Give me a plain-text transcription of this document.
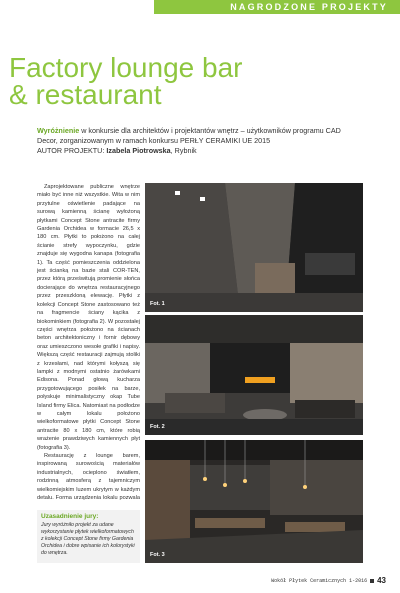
NAGRODZONE PROJEKTY
Factory lounge bar
& restaurant
Wyróżnienie w konkursie dla architektów i projektantów wnętrz – użytkowników programu CAD Decor, zorganizowanym w ramach konkursu PERŁY CERAMIKI UE 2015
AUTOR PROJEKTU: Izabela Piotrowska, Rybnik

Zaprojektowane publiczne wnętrze miało być inne niż wszystkie. Wita w nim przytulne oświetlenie padające na surową kamienną ścianę wyłożoną płytkami Concept Stone antracite firmy Gardenia Orchidea w formacie 26,5 x 180 cm. Płytki to położono na całej ścianie strefy wypoczynku, gdzie znajduje się wygodna kanapa (fotografia 1). Ta część pomieszczenia oddzielona jest ścianką na bazie stali COR-TEN, przez którą prześwitują promienie słońca docierające do wnętrza restauracyjnego przez przeszkloną elewację. Płytki z kolekcji Concept Stone zastosowano też na fragmencie ściany kącika z biokominkiem (fotografia 2). W pozostałej części wnętrza położono na ścianach beton architektoniczny i fornir dębowy oraz umieszczono wesołe grafiki i napisy. Większą część restauracji zajmują stoliki z krzesłami, nad którymi kołyszą się lampki z modnymi ostatnio żarówkami Edisona. Ponad głową kucharza przygotowującego posiłek na barze, połyskuje minimalistyczny okap Tube Island firmy Elica. Natomiast na podłodze w całym lokalu położono wielkoformatowe płytki Concept Stone antracite 80 x 180 cm, które robią wrażenie prawdziwych kamiennych płyt (fotografia 3).

Restaurację z lounge barem, inspirowaną surowością materiałów industrialnych, ocieplono światłem, rodzinną atmosferą z tajemniczym wielkomiejskim luzem ukrytym w każdym detalu. Forma urządzenia lokalu pozwala

Uzasadnienie jury:
Jury wyróżniło projekt za udane wykorzystanie płytek wielkoformatowych z kolekcji Concept Stone firmy Gardenia Orchidea i dobre wpisanie ich kolorystyki do wnętrza.
Fot. 1
Fot. 2
Fot. 3
Wokół Płytek Ceramicznych 1-2016 43
